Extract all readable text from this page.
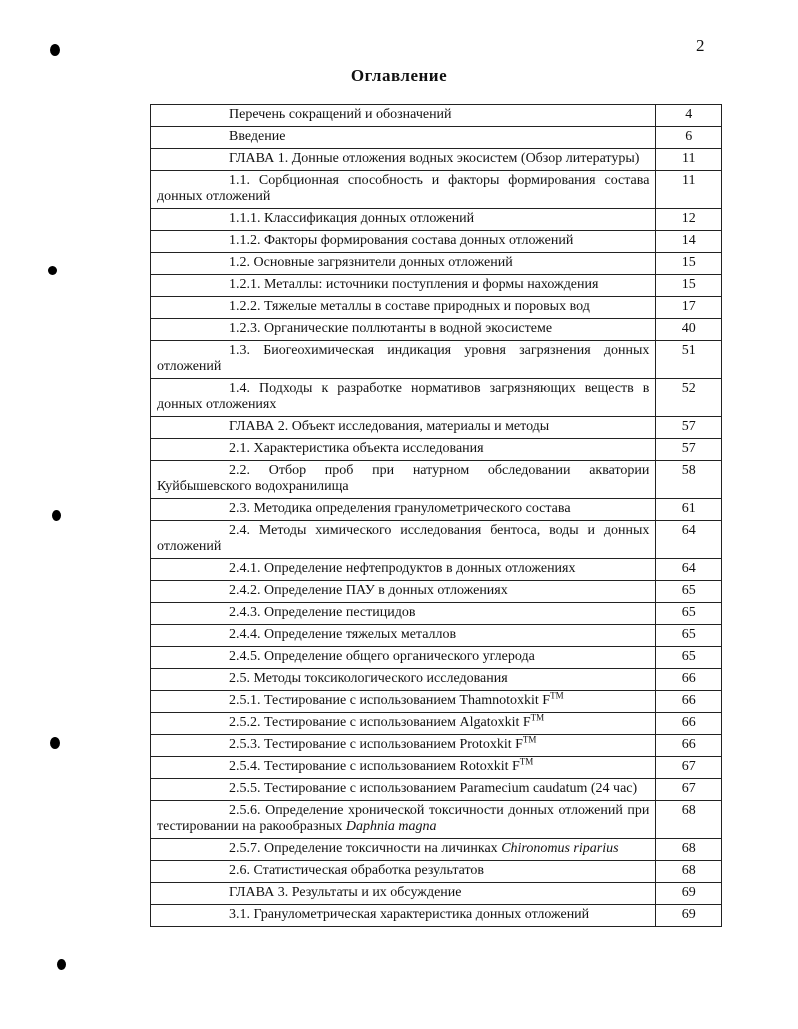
2
Оглавление
Перечень сокращений и обозначений	4
Введение	6
ГЛАВА 1. Донные отложения водных экосистем (Обзор литературы)	11
1.1. Сорбционная способность и факторы формирования состава донных отложений	11
1.1.1. Классификация донных отложений	12
1.1.2. Факторы формирования состава донных отложений	14
1.2. Основные загрязнители донных отложений	15
1.2.1. Металлы: источники поступления и формы нахождения	15
1.2.2. Тяжелые металлы в составе природных и поровых вод	17
1.2.3. Органические поллютанты в водной экосистеме	40
1.3. Биогеохимическая индикация уровня загрязнения донных отложений	51
1.4. Подходы к разработке нормативов загрязняющих веществ в донных отложениях	52
ГЛАВА 2. Объект исследования, материалы и методы	57
2.1. Характеристика объекта исследования	57
2.2. Отбор проб при натурном обследовании акватории Куйбышевского водохранилища	58
2.3. Методика определения гранулометрического состава	61
2.4. Методы химического исследования бентоса, воды и донных отложений	64
2.4.1. Определение нефтепродуктов в донных отложениях	64
2.4.2. Определение ПАУ в донных отложениях	65
2.4.3. Определение пестицидов	65
2.4.4. Определение тяжелых металлов	65
2.4.5. Определение общего органического углерода	65
2.5. Методы токсикологического исследования	66
2.5.1. Тестирование с использованием Thamnotoxkit F™	66
2.5.2. Тестирование с использованием Algatoxkit F™	66
2.5.3. Тестирование с использованием Protoxkit F™	66
2.5.4. Тестирование с использованием Rotoxkit F™	67
2.5.5. Тестирование с использованием Paramecium caudatum (24 час)	67
2.5.6. Определение хронической токсичности донных отложений при тестировании на ракообразных Daphnia magna	68
2.5.7. Определение токсичности на личинках Chironomus riparius	68
2.6. Статистическая обработка результатов	68
ГЛАВА 3. Результаты и их обсуждение	69
3.1. Гранулометрическая характеристика донных отложений	69
